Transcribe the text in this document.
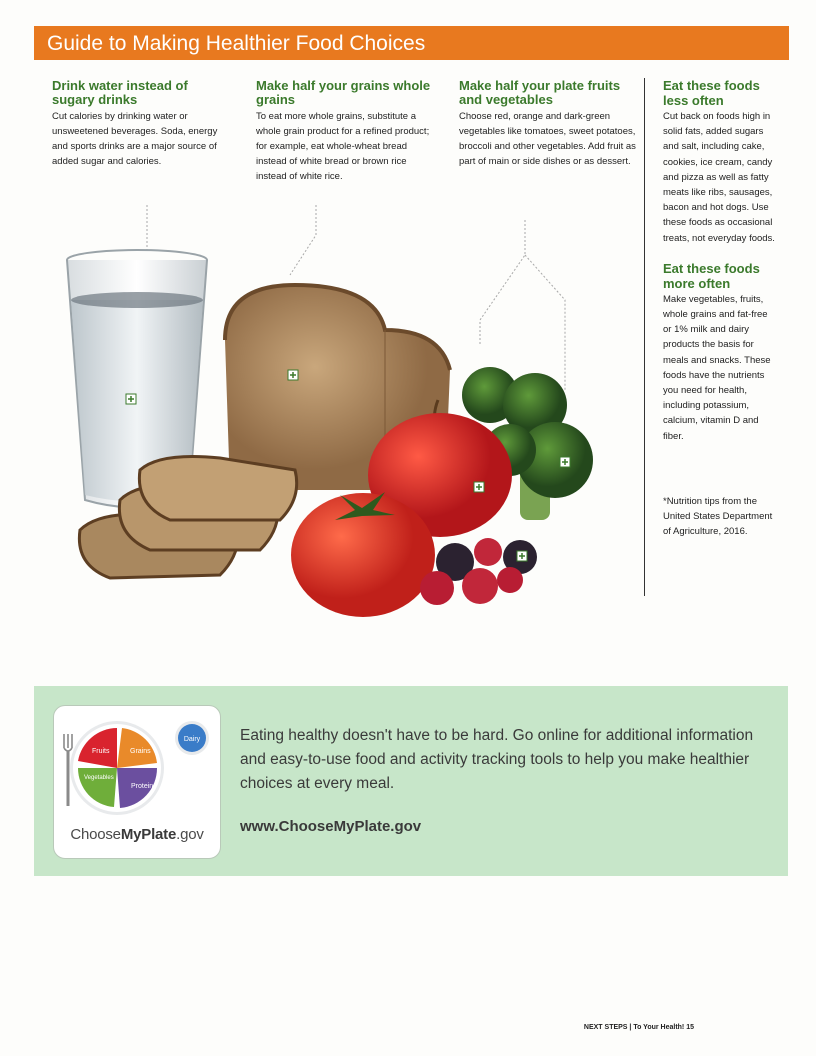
Guide to Making Healthier Food Choices
Drink water instead of sugary drinks

Cut calories by drinking water or unsweetened beverages. Soda, energy and sports drinks are a major source of added sugar and calories.

Make half your grains whole grains

To eat more whole grains, substitute a whole grain product for a refined product; for example, eat whole-wheat bread instead of white bread or brown rice instead of white rice.

Make half your plate fruits and vegetables

Choose red, orange and dark-green vegetables like tomatoes, sweet potatoes, broccoli and other vegetables. Add fruit as part of main or side dishes or as dessert.

Eat these foods less often

Cut back on foods high in solid fats, added sugars and salt, including cake, cookies, ice cream, candy and pizza as well as fatty meats like ribs, sausages, bacon and hot dogs. Use these foods as occasional treats, not everyday foods.

Eat these foods more often

Make vegetables, fruits, whole grains and fat-free or 1% milk and dairy products the basis for meals and snacks. These foods have the nutrients you need for health, including potassium, calcium, vitamin D and fiber.

*Nutrition tips from the United States Department of Agriculture, 2016.

Fruits	Grains
Vegetables
Protein
Dairy
ChooseMyPlate.gov
Eating healthy doesn't have to be hard. Go online for additional information and easy-to-use food and activity tracking tools to help you make healthier choices at every meal.
www.ChooseMyPlate.gov
NEXT STEPS | To Your Health! 15
